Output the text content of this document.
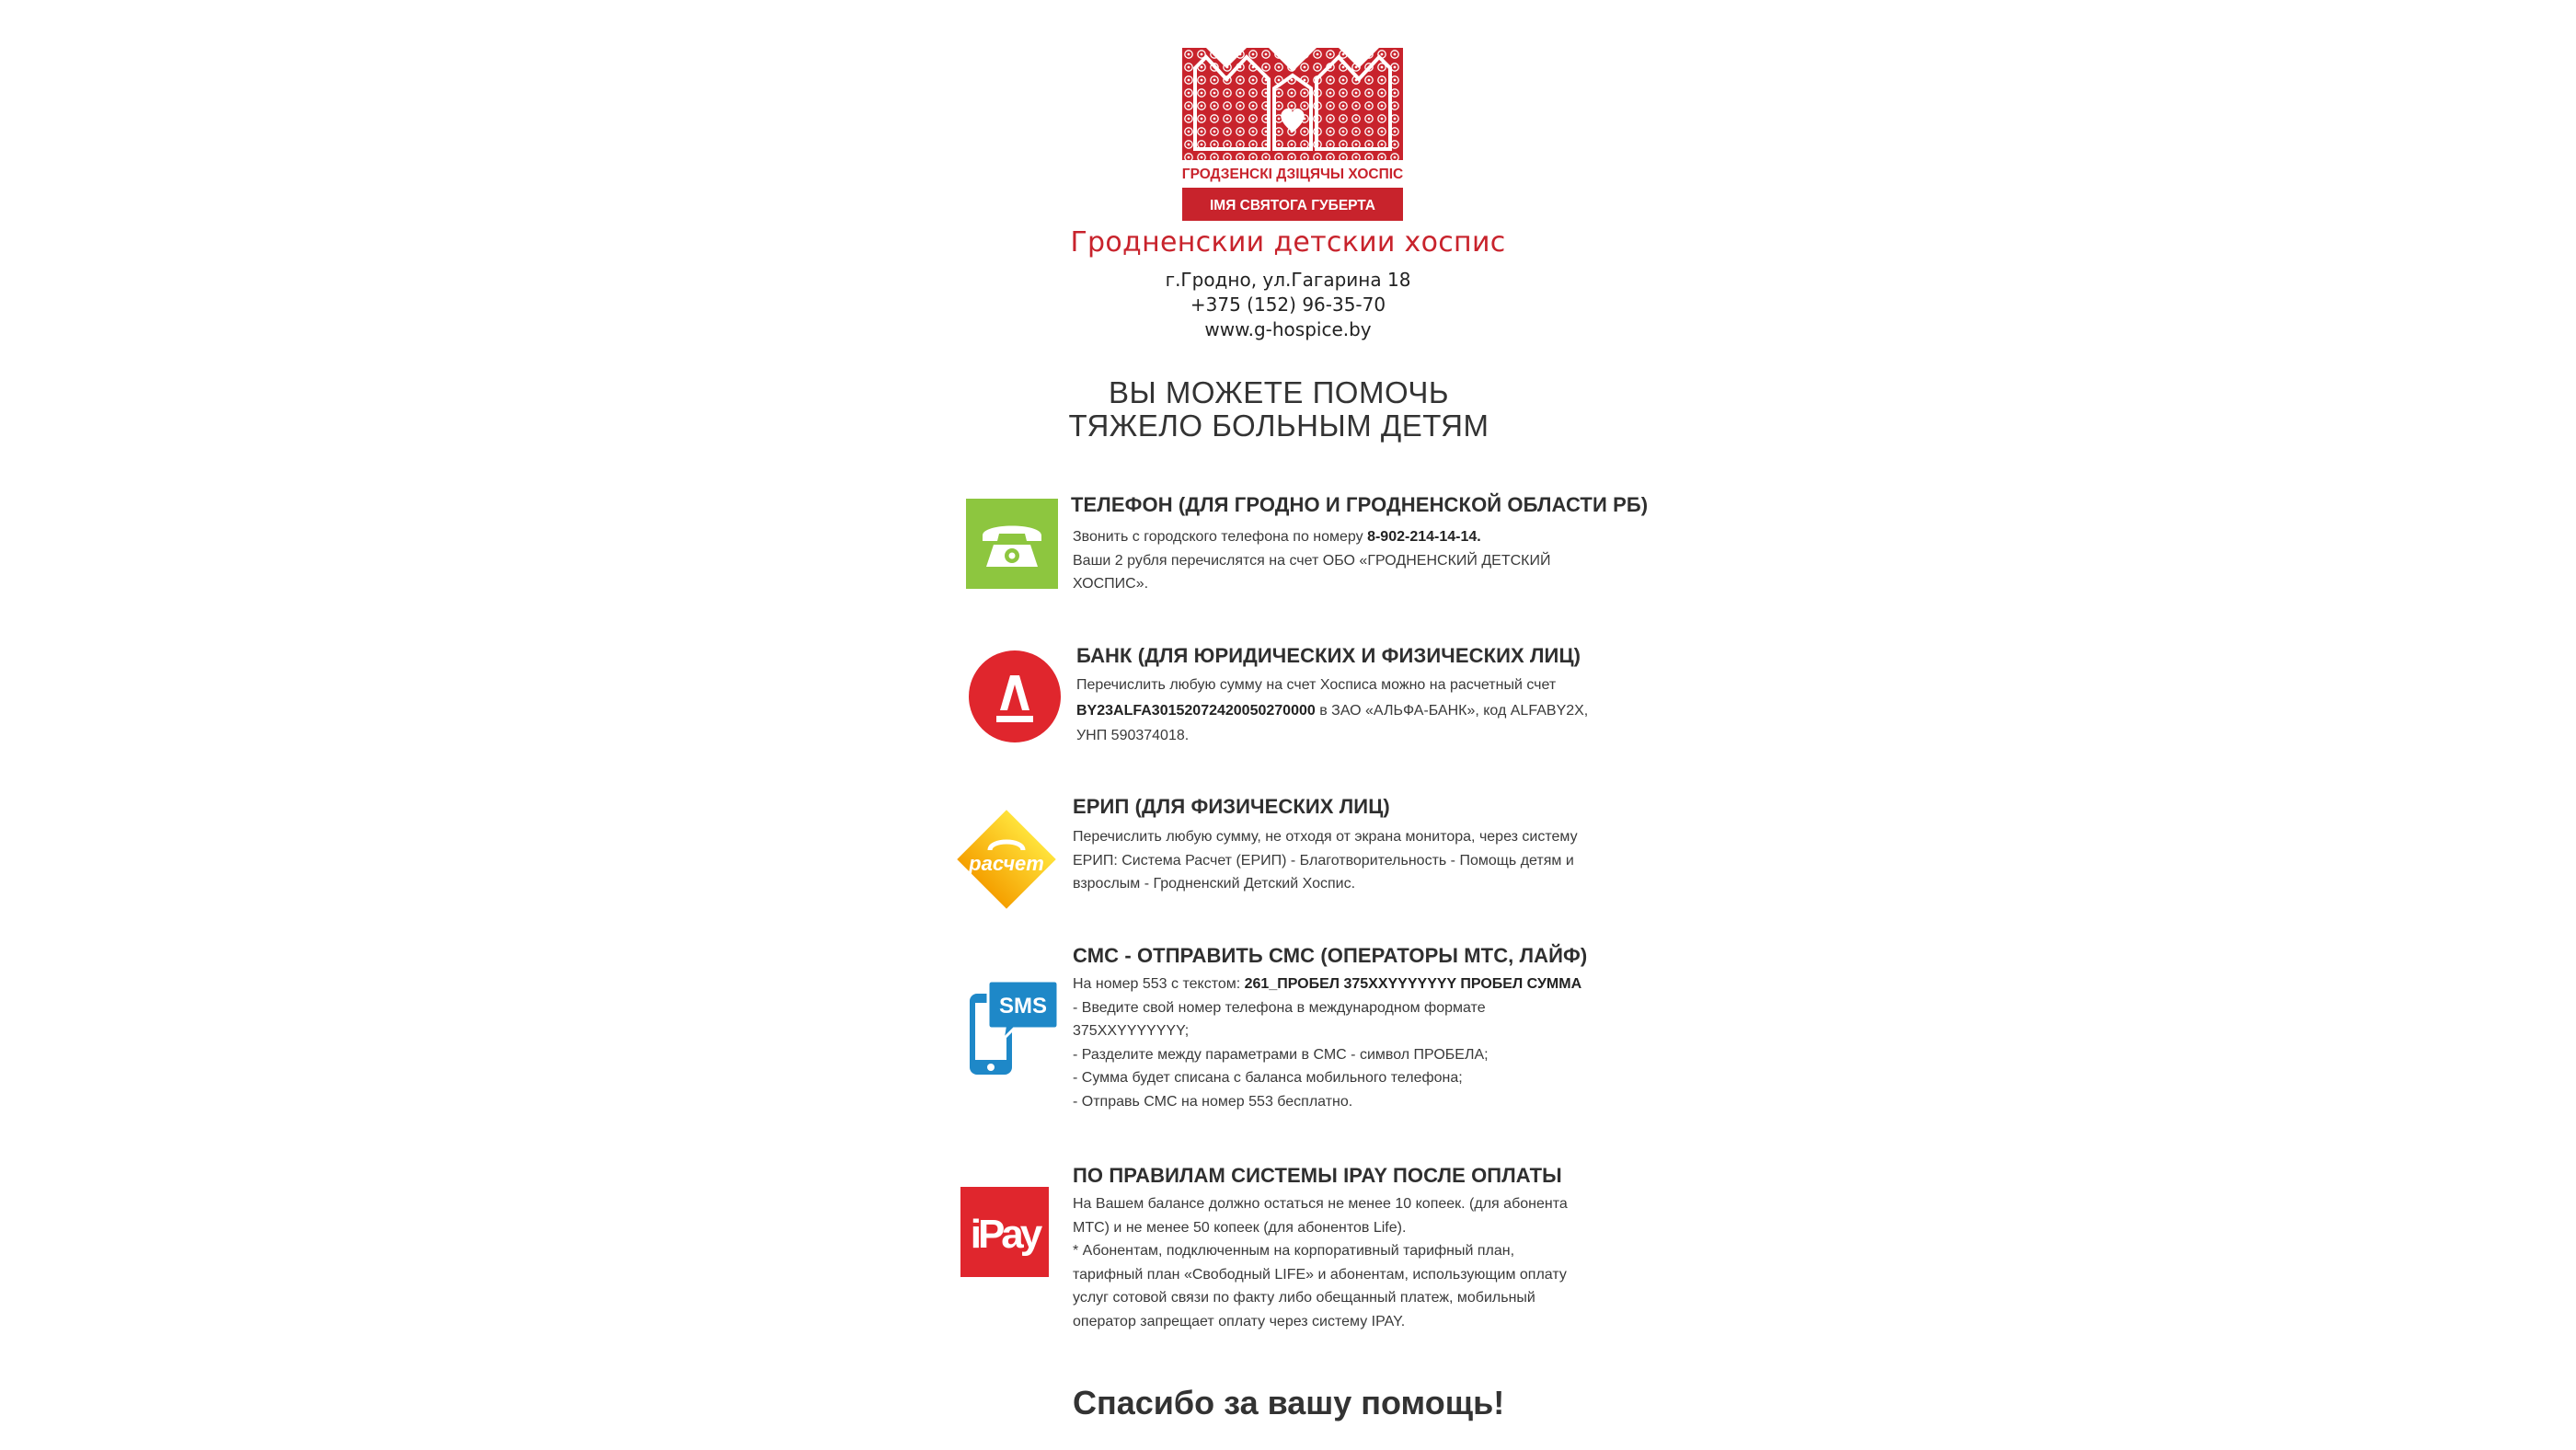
ГРОДЗЕНСКІ ДЗІЦЯЧЫ ХОСПІС
ІМЯ СВЯТОГА ГУБЕРТА
Гродненскии детскии хоспис
г.Гродно, ул.Гагарина 18
+375 (152) 96-35-70
www.g-hospice.by
ВЫ МОЖЕТЕ ПОМОЧЬ
ТЯЖЕЛО БОЛЬНЫМ ДЕТЯМ
ТЕЛЕФОН (ДЛЯ ГРОДНО И ГРОДНЕНСКОЙ ОБЛАСТИ РБ)
Звонить с городского телефона по номеру 8-902-214-14-14.
Ваши 2 рубля перечислятся на счет ОБО «ГРОДНЕНСКИЙ ДЕТСКИЙ
ХОСПИС».
БАНК (ДЛЯ ЮРИДИЧЕСКИХ И ФИЗИЧЕСКИХ ЛИЦ)
Перечислить любую сумму на счет Хосписа можно на расчетный счет
BY23ALFA30152072420050270000 в ЗАО «АЛЬФА-БАНК», код ALFABY2X,
УНП 590374018.
расчет
ЕРИП (ДЛЯ ФИЗИЧЕСКИХ ЛИЦ)
Перечислить любую сумму, не отходя от экрана монитора, через систему
ЕРИП: Система Расчет (ЕРИП) - Благотворительность - Помощь детям и
взрослым - Гродненский Детский Хоспис.
SMS
СМС - ОТПРАВИТЬ СМС (ОПЕРАТОРЫ МТС, ЛАЙФ)
На номер 553 с текстом: 261_ПРОБЕЛ 375XXYYYYYYY ПРОБЕЛ СУММА
- Введите свой номер телефона в международном формате
375XXYYYYYYY;
- Разделите между параметрами в СМС - символ ПРОБЕЛА;
- Сумма будет списана с баланса мобильного телефона;
- Отправь СМС на номер 553 бесплатно.
iPay
ПО ПРАВИЛАМ СИСТЕМЫ IPAY ПОСЛЕ ОПЛАТЫ
На Вашем балансе должно остаться не менее 10 копеек. (для абонента
МТС) и не менее 50 копеек (для абонентов Life).
* Абонентам, подключенным на корпоративный тарифный план,
тарифный план «Свободный LIFE» и абонентам, использующим оплату
услуг сотовой связи по факту либо обещанный платеж, мобильный
оператор запрещает оплату через систему IPAY.
Спасибо за вашу помощь!
